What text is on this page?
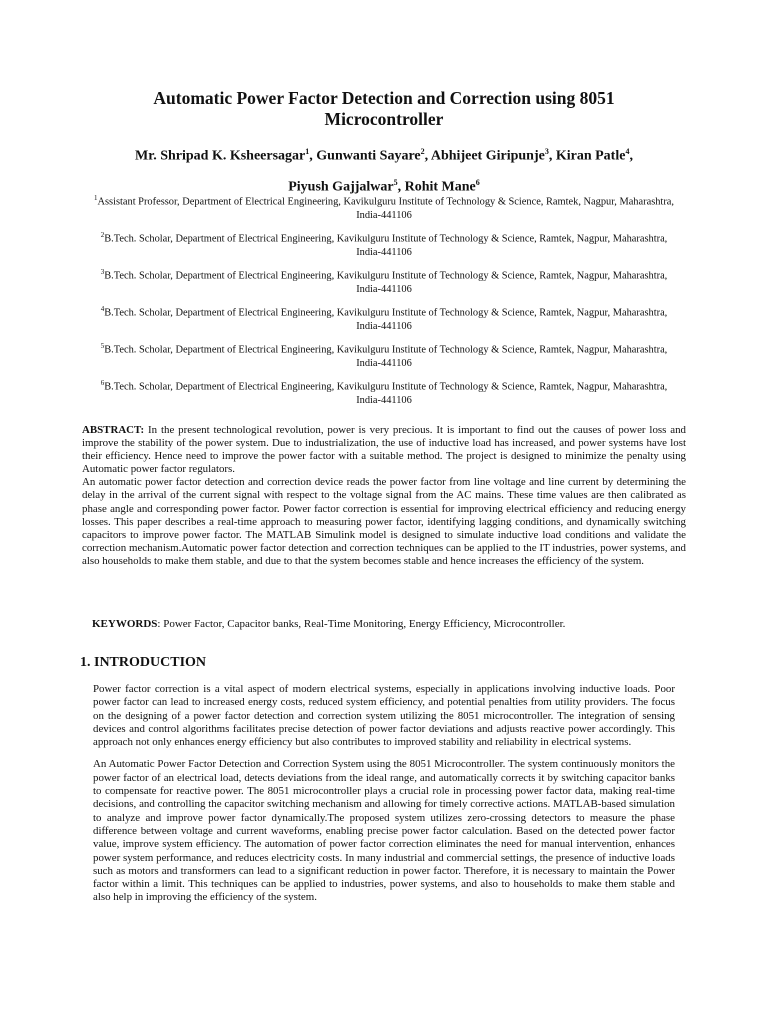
Automatic Power Factor Detection and Correction using 8051 Microcontroller
Mr. Shripad K. Ksheersagar$^1$, Gunwanti Sayare$^2$, Abhijeet Giripunje$^3$, Kiran Patle$^4$,
Piyush Gajjalwar$^5$, Rohit Mane$^6$
$^1$Assistant Professor, Department of Electrical Engineering, Kavikulguru Institute of Technology & Science, Ramtek, Nagpur, Maharashtra, India-441106
$^2$B.Tech. Scholar, Department of Electrical Engineering, Kavikulguru Institute of Technology & Science, Ramtek, Nagpur, Maharashtra, India-441106
$^3$B.Tech. Scholar, Department of Electrical Engineering, Kavikulguru Institute of Technology & Science, Ramtek, Nagpur, Maharashtra, India-441106
$^4$B.Tech. Scholar, Department of Electrical Engineering, Kavikulguru Institute of Technology & Science, Ramtek, Nagpur, Maharashtra, India-441106
$^5$B.Tech. Scholar, Department of Electrical Engineering, Kavikulguru Institute of Technology & Science, Ramtek, Nagpur, Maharashtra, India-441106
$^6$B.Tech. Scholar, Department of Electrical Engineering, Kavikulguru Institute of Technology & Science, Ramtek, Nagpur, Maharashtra, India-441106

ABSTRACT: In the present technological revolution, power is very precious. It is important to find out the causes of power loss and improve the stability of the power system. Due to industrialization, the use of inductive load has increased, and power systems have lost their efficiency. Hence need to improve the power factor with a suitable method. The project is designed to minimize the penalty using Automatic power factor regulators.

An automatic power factor detection and correction device reads the power factor from line voltage and line current by determining the delay in the arrival of the current signal with respect to the voltage signal from the AC mains. These time values are then calibrated as phase angle and corresponding power factor. Power factor correction is essential for improving electrical efficiency and reducing energy losses. This paper describes a real-time approach to measuring power factor, identifying lagging conditions, and dynamically switching capacitors to improve power factor. The MATLAB Simulink model is designed to simulate inductive load conditions and validate the correction mechanism.Automatic power factor detection and correction techniques can be applied to the IT industries, power systems, and also households to make them stable, and due to that the system becomes stable and hence increases the efficiency of the system.

KEYWORDS: Power Factor, Capacitor banks, Real-Time Monitoring, Energy Efficiency, Microcontroller.
1. INTRODUCTION

Power factor correction is a vital aspect of modern electrical systems, especially in applications involving inductive loads. Poor power factor can lead to increased energy costs, reduced system efficiency, and potential penalties from utility providers. The focus on the designing of a power factor detection and correction system utilizing the 8051 microcontroller. The integration of sensing devices and control algorithms facilitates precise detection of power factor deviations and adjusts reactive power accordingly. This approach not only enhances energy efficiency but also contributes to improved stability and reliability in electrical systems.

An Automatic Power Factor Detection and Correction System using the 8051 Microcontroller. The system continuously monitors the power factor of an electrical load, detects deviations from the ideal range, and automatically corrects it by switching capacitor banks to compensate for reactive power. The 8051 microcontroller plays a crucial role in processing power factor data, making real-time decisions, and controlling the capacitor switching mechanism and allowing for timely corrective actions. MATLAB-based simulation to analyze and improve power factor dynamically.The proposed system utilizes zero-crossing detectors to measure the phase difference between voltage and current waveforms, enabling precise power factor calculation. Based on the detected power factor value, improve system efficiency. The automation of power factor correction eliminates the need for manual intervention, enhances power system performance, and reduces electricity costs. In many industrial and commercial settings, the presence of inductive loads such as motors and transformers can lead to a significant reduction in power factor. Therefore, it is necessary to maintain the Power factor within a limit. This techniques can be applied to industries, power systems, and also to households to make them stable and also help in improving the efficiency of the system.
